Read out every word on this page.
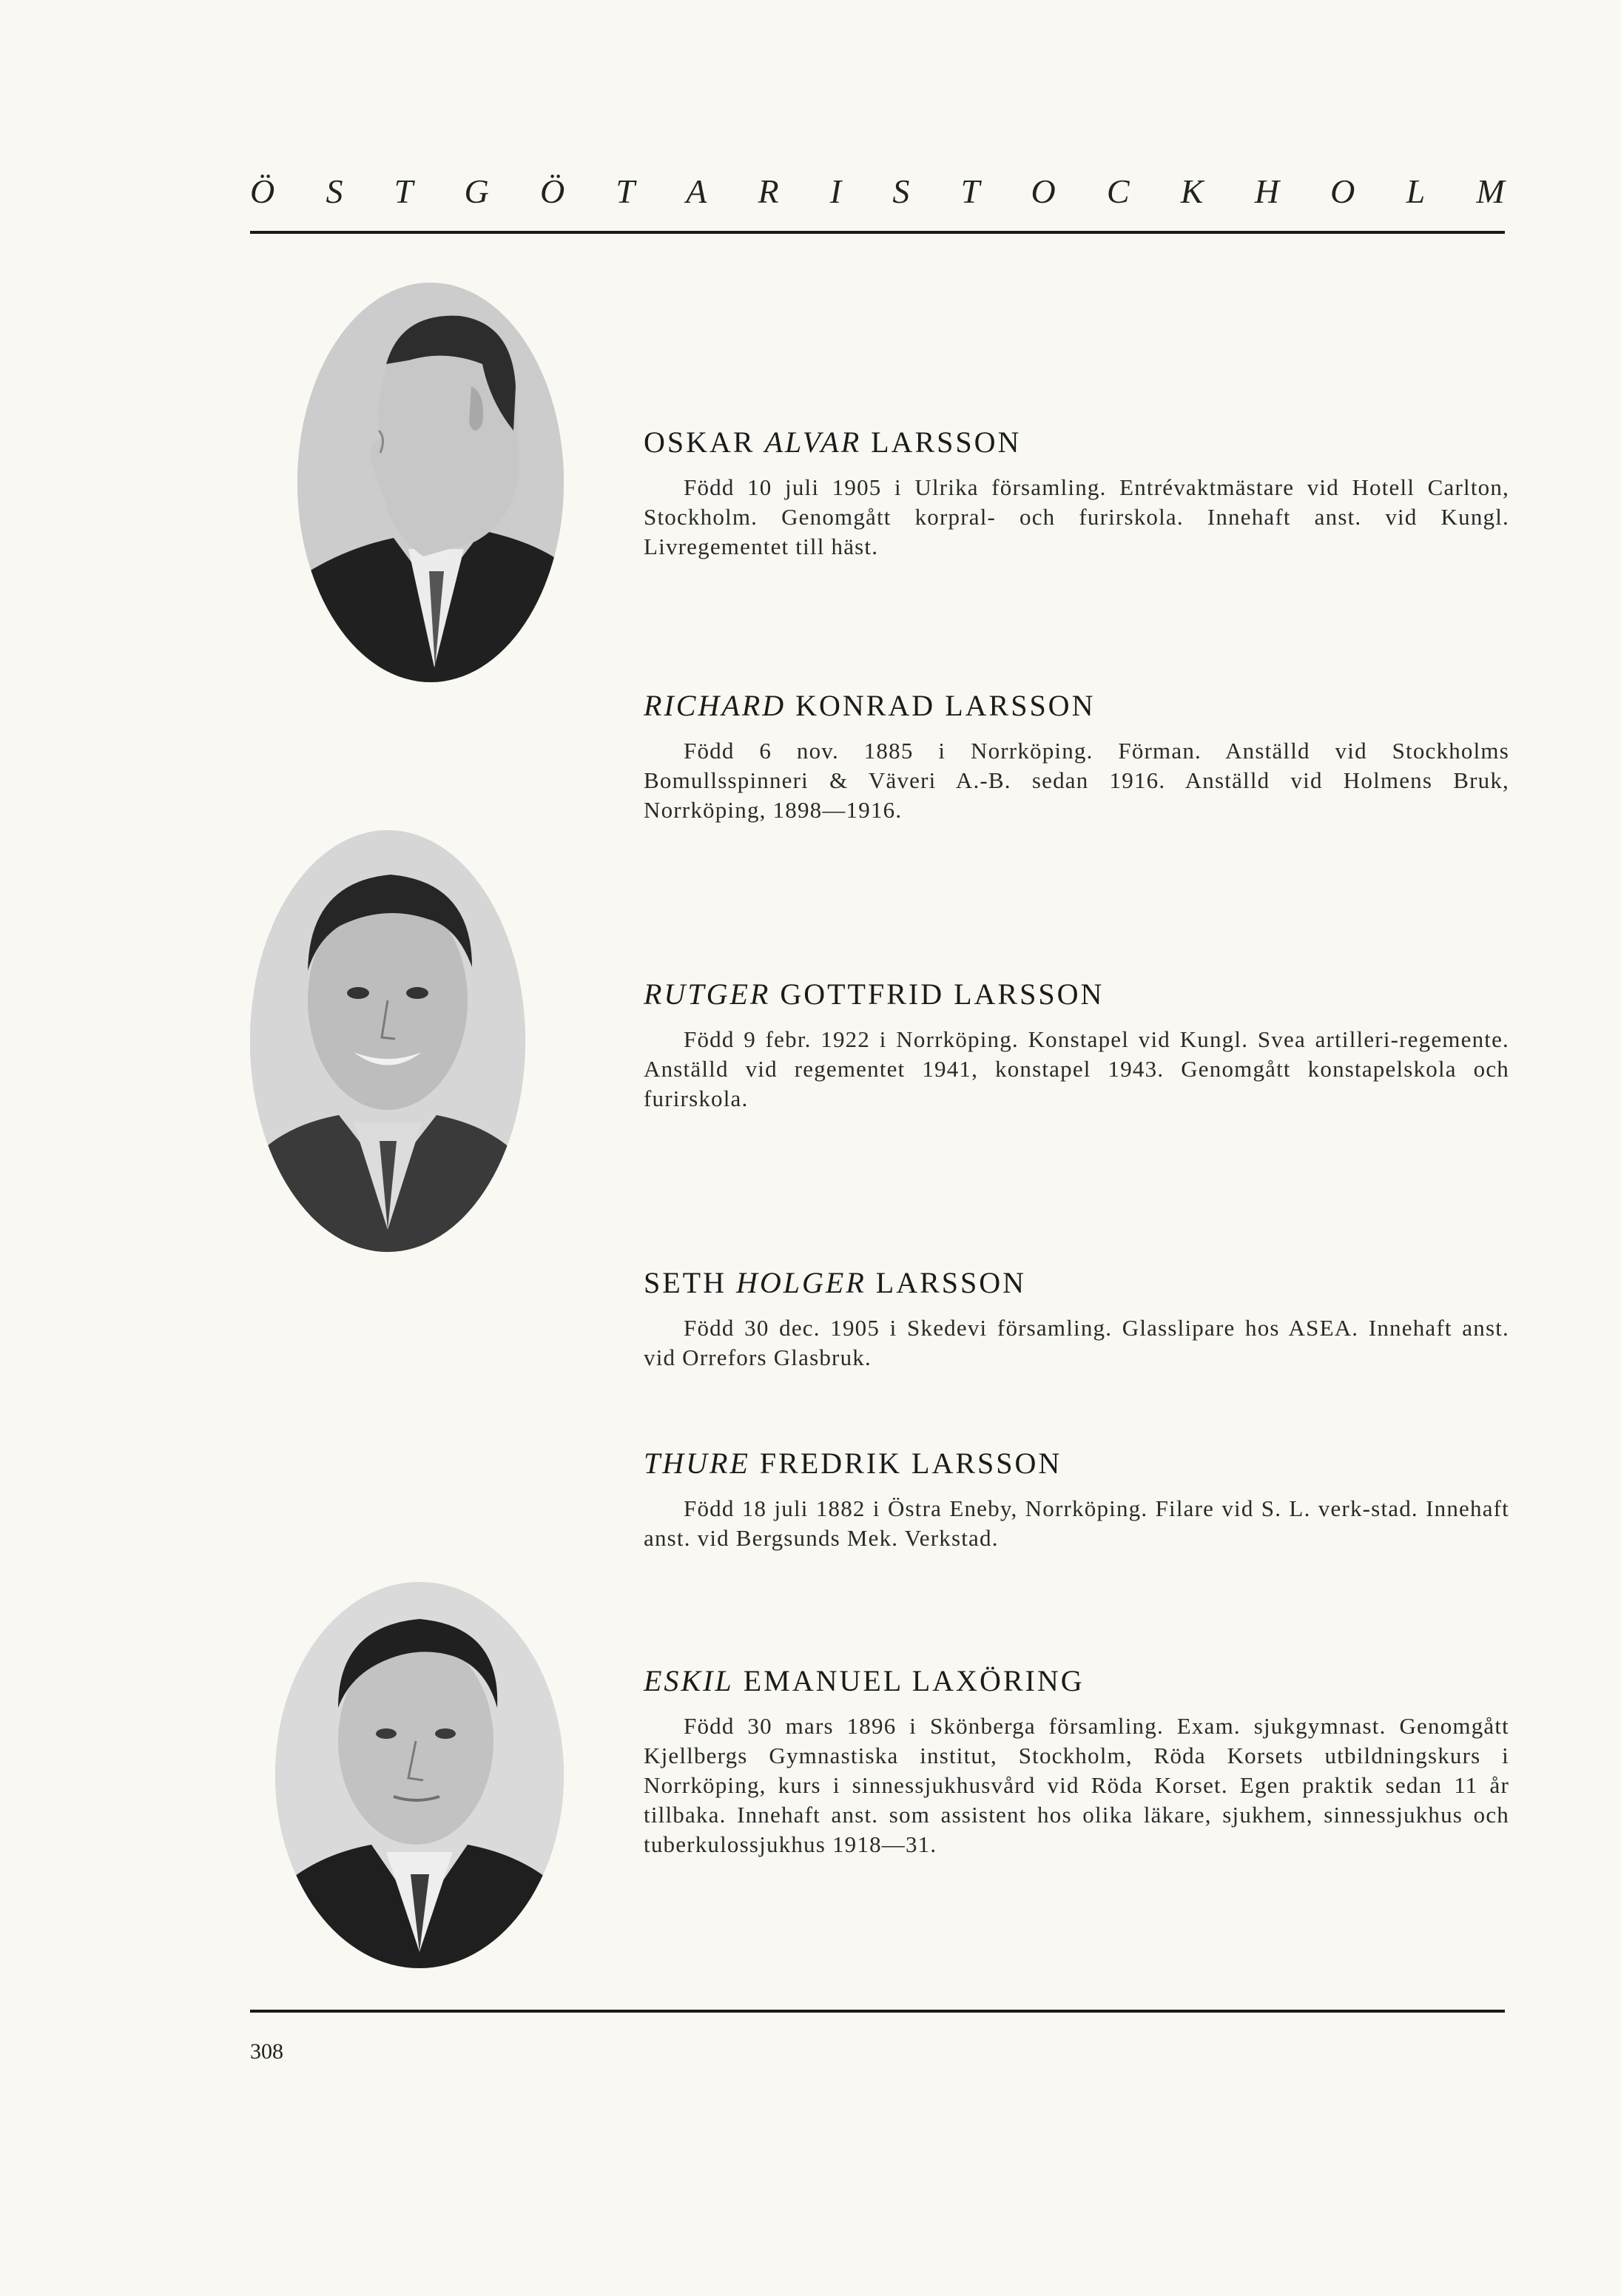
Ö S T G Ö T A R I S T O C K H O L M
OSKAR ALVAR LARSSON

Född 10 juli 1905 i Ulrika församling. Entrévaktmästare vid Hotell Carlton, Stockholm. Genomgått korpral- och furirskola. Innehaft anst. vid Kungl. Livregementet till häst.

RICHARD KONRAD LARSSON

Född 6 nov. 1885 i Norrköping. Förman. Anställd vid Stockholms Bomullsspinneri & Väveri A.-B. sedan 1916. Anställd vid Holmens Bruk, Norrköping, 1898—1916.

RUTGER GOTTFRID LARSSON

Född 9 febr. 1922 i Norrköping. Konstapel vid Kungl. Svea artilleri-regemente. Anställd vid regementet 1941, konstapel 1943. Genomgått konstapelskola och furirskola.

SETH HOLGER LARSSON

Född 30 dec. 1905 i Skedevi församling. Glasslipare hos ASEA. Innehaft anst. vid Orrefors Glasbruk.

THURE FREDRIK LARSSON

Född 18 juli 1882 i Östra Eneby, Norrköping. Filare vid S. L. verk-stad. Innehaft anst. vid Bergsunds Mek. Verkstad.

ESKIL EMANUEL LAXÖRING

Född 30 mars 1896 i Skönberga församling. Exam. sjukgymnast. Genomgått Kjellbergs Gymnastiska institut, Stockholm, Röda Korsets utbildningskurs i Norrköping, kurs i sinnessjukhusvård vid Röda Korset. Egen praktik sedan 11 år tillbaka. Innehaft anst. som assistent hos olika läkare, sjukhem, sinnessjukhus och tuberkulossjukhus 1918—31.

308
